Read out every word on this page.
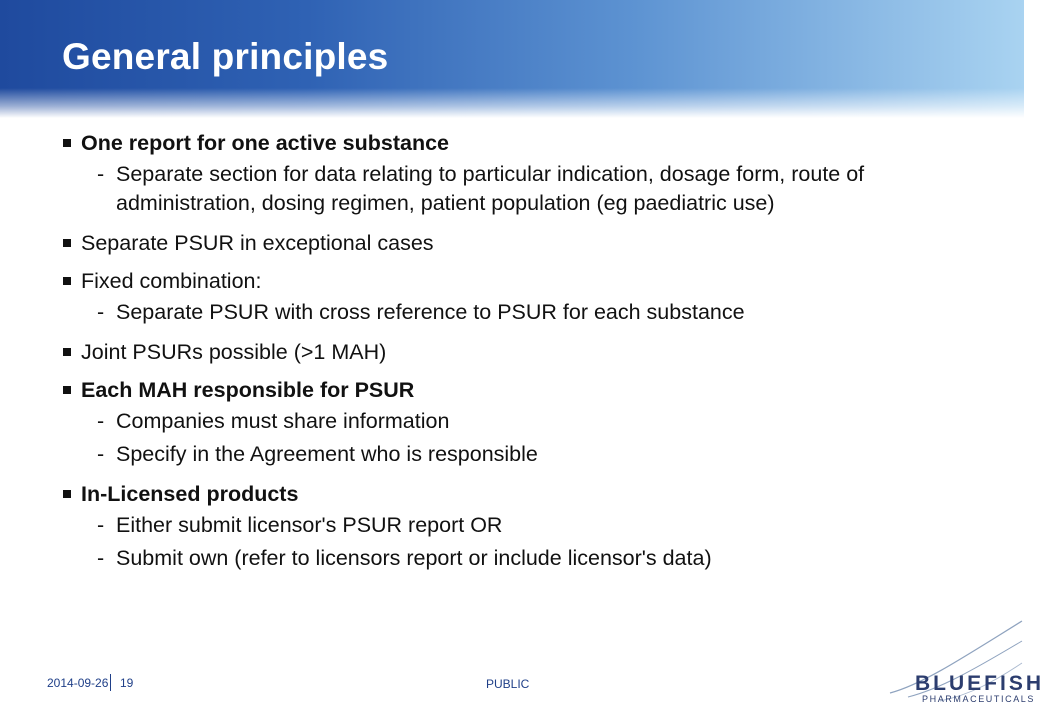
General principles
One report for one active substance
- Separate section for data relating to particular indication, dosage form, route of administration, dosing regimen, patient population (eg paediatric use)
Separate PSUR in exceptional cases
Fixed combination:
- Separate PSUR with cross reference to PSUR for each substance
Joint PSURs possible (>1 MAH)
Each MAH responsible for PSUR
- Companies must share information
- Specify in the Agreement who is responsible
In-Licensed products
- Either submit licensor's PSUR report OR
- Submit own (refer to licensors report or include licensor's data)
2014-09-26 19	PUBLIC	BLUEFISH
PHARMACEUTICALS
